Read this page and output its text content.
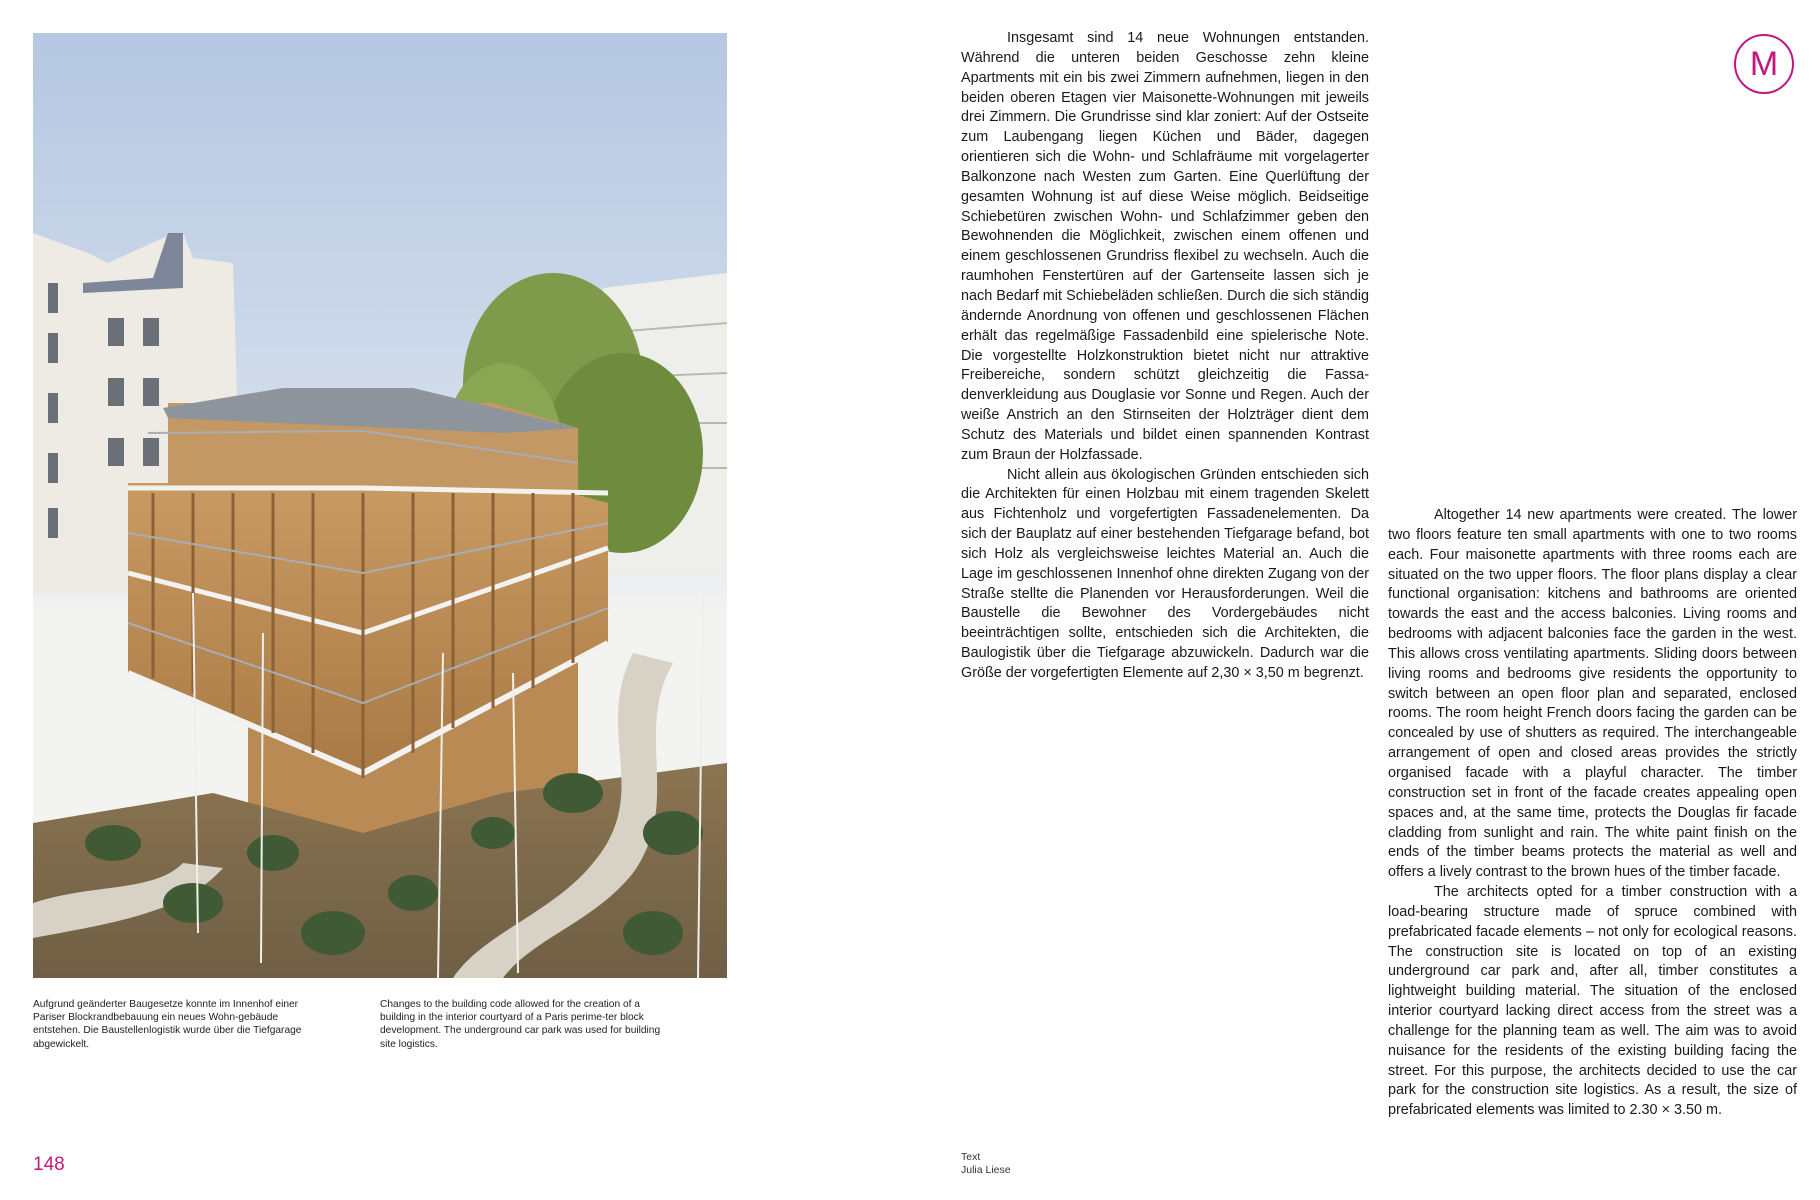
Aufgrund geänderter Baugesetze konnte im Innenhof einer Pariser Blockrandbebauung ein neues Wohn-gebäude entstehen. Die Baustellenlogistik wurde über die Tiefgarage abgewickelt.
Changes to the building code allowed for the creation of a building in the interior courtyard of a Paris perime-ter block development. The underground car park was used for building site logistics.
148	Text
Julia Liese

Insgesamt sind 14 neue Wohnungen entstanden. Während die unteren beiden Geschosse zehn kleine Apartments mit ein bis zwei Zimmern aufnehmen, liegen in den beiden oberen Etagen vier Maisonette-Wohnungen mit jeweils drei Zimmern. Die Grundrisse sind klar zoniert: Auf der Ostseite zum Laubengang liegen Küchen und Bäder, dagegen orientieren sich die Wohn- und Schlafräume mit vorgelagerter Balkonzone nach Westen zum Garten. Eine Querlüftung der gesamten Wohnung ist auf diese Weise möglich. Beidseitige Schiebetüren zwischen Wohn- und Schlafzimmer geben den Bewohnenden die Möglichkeit, zwischen einem offenen und einem geschlossenen Grundriss flexibel zu wechseln. Auch die raumhohen Fenstertüren auf der Gartenseite lassen sich je nach Bedarf mit Schiebeläden schließen. Durch die sich ständig ändernde Anordnung von offenen und geschlossenen Flächen erhält das regelmäßige Fassadenbild eine spielerische Note. Die vorgestellte Holzkonstruktion bietet nicht nur attraktive Freibereiche, sondern schützt gleichzeitig die Fassadenverkleidung aus Douglasie vor Sonne und Regen. Auch der weiße Anstrich an den Stirnseiten der Holzträger dient dem Schutz des Materials und bildet einen spannenden Kontrast zum Braun der Holzfassade.

Nicht allein aus ökologischen Gründen entschieden sich die Architekten für einen Holzbau mit einem tragenden Skelett aus Fichtenholz und vorgefertigten Fassadenelementen. Da sich der Bauplatz auf einer bestehenden Tiefgarage befand, bot sich Holz als vergleichsweise leichtes Material an. Auch die Lage im geschlossenen Innenhof ohne direkten Zugang von der Straße stellte die Planenden vor Herausforderungen. Weil die Baustelle die Bewohner des Vordergebäudes nicht beeinträchtigen sollte, entschieden sich die Architekten, die Baulogistik über die Tiefgarage abzuwickeln. Dadurch war die Größe der vorgefertigten Elemente auf 2,30 × 3,50 m begrenzt.

Altogether 14 new apartments were created. The lower two floors feature ten small apartments with one to two rooms each. Four maisonette apartments with three rooms each are situated on the two upper floors. The floor plans display a clear functional organisation: kitchens and bathrooms are oriented towards the east and the access balconies. Living rooms and bedrooms with adjacent balconies face the garden in the west. This allows cross ventilating apartments. Sliding doors between living rooms and bedrooms give residents the opportunity to switch between an open floor plan and separated, enclosed rooms. The room height French doors facing the garden can be concealed by use of shutters as required. The interchangeable arrangement of open and closed areas provides the strictly organised facade with a playful character. The timber construction set in front of the facade creates appealing open spaces and, at the same time, protects the Douglas fir facade cladding from sunlight and rain. The white paint finish on the ends of the timber beams protects the material as well and offers a lively contrast to the brown hues of the timber facade.

The architects opted for a timber construction with a load-bearing structure made of spruce combined with prefabricated facade elements – not only for ecological reasons. The construction site is located on top of an existing underground car park and, after all, timber constitutes a lightweight building material. The situation of the enclosed interior courtyard lacking direct access from the street was a challenge for the planning team as well. The aim was to avoid nuisance for the residents of the existing building facing the street. For this purpose, the architects decided to use the car park for the construction site logistics. As a result, the size of prefabricated elements was limited to 2.30 × 3.50 m.

M
